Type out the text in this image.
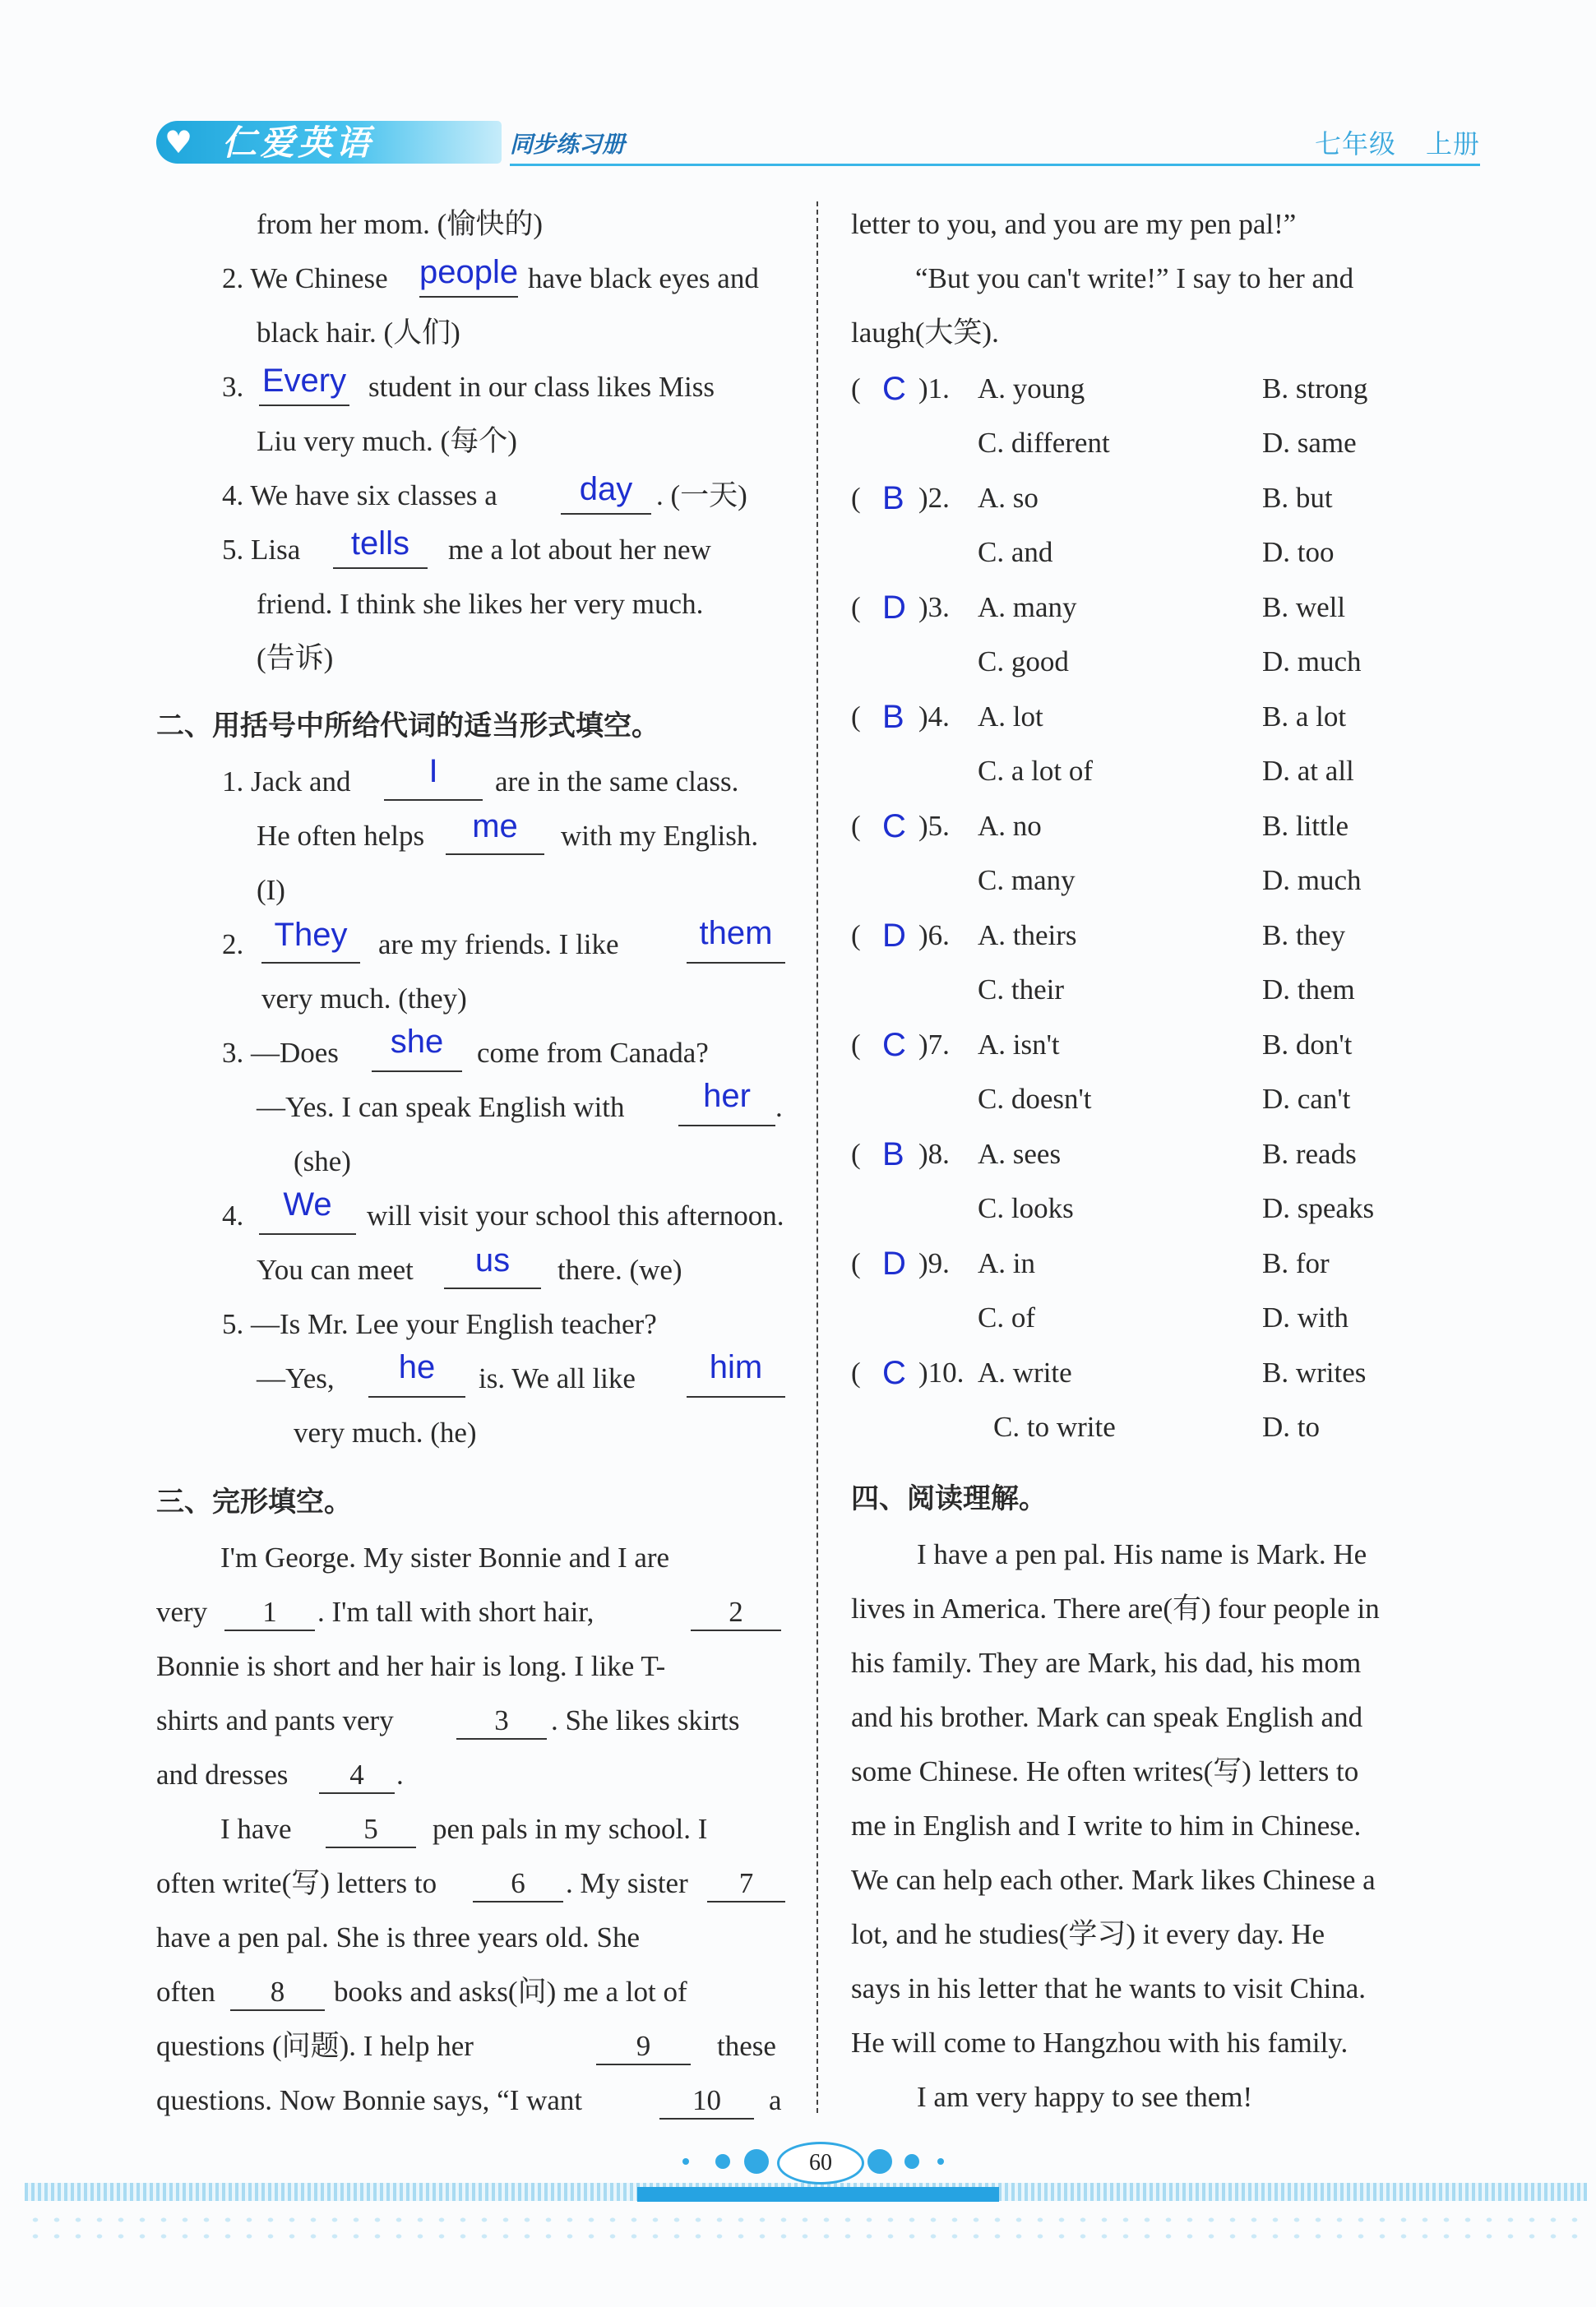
♥ 仁爱英语	同步练习册	七年级 上册
from her mom. (愉快的)
2. We Chinese people have black eyes and
black hair. (人们)
3. Every student in our class likes Miss
Liu very much. (每个)
4. We have six classes a	day . (一天)
5. Lisa	tells	me a lot about her new
friend. I think she likes her very much.
(告诉)
二、用括号中所给代词的适当形式填空。
1. Jack and	I	are in the same class.
He often helps	me	with my English.
(I)
2. They	are my friends. I like	them
very much. (they)
3. —Does	she	come from Canada?
—Yes. I can speak English with	her .
(she)
4.	We	will visit your school this afternoon.
You can meet	us	there. (we)
5. —Is Mr. Lee your English teacher?
—Yes,	he	is. We all like	him
very much. (he)
三、完形填空。
I'm George. My sister Bonnie and I are
very	1	. I'm tall with short hair,	2
Bonnie is short and her hair is long. I like T-
shirts and pants very	3	. She likes skirts
and dresses	4	.
I have	5	pen pals in my school. I
often write(写) letters to	6	. My sister	7
have a pen pal. She is three years old. She
often	8	books and asks(问) me a lot of
questions (问题). I help her	9	these
questions. Now Bonnie says, “I want	10	a
letter to you, and you are my pen pal!”
“But you can't write!” I say to her and
laugh(大笑).
( C )1. A. young	B. strong
C. different	D. same
( B )2. A. so	B. but
C. and	D. too
( D )3. A. many	B. well
C. good	D. much
( B )4. A. lot	B. a lot
C. a lot of	D. at all
( C )5. A. no	B. little
C. many	D. much
( D )6. A. theirs	B. they
C. their	D. them
( C )7. A. isn't	B. don't
C. doesn't	D. can't
( B )8. A. sees	B. reads
C. looks	D. speaks
( D )9. A. in	B. for
C. of	D. with
( C )10. A. write	B. writes
C. to write	D. to
四、阅读理解。
I have a pen pal. His name is Mark. He
lives in America. There are(有) four people in
his family. They are Mark, his dad, his mom
and his brother. Mark can speak English and
some Chinese. He often writes(写) letters to
me in English and I write to him in Chinese.
We can help each other. Mark likes Chinese a
lot, and he studies(学习) it every day. He
says in his letter that he wants to visit China.
He will come to Hangzhou with his family.
I am very happy to see them!
60
